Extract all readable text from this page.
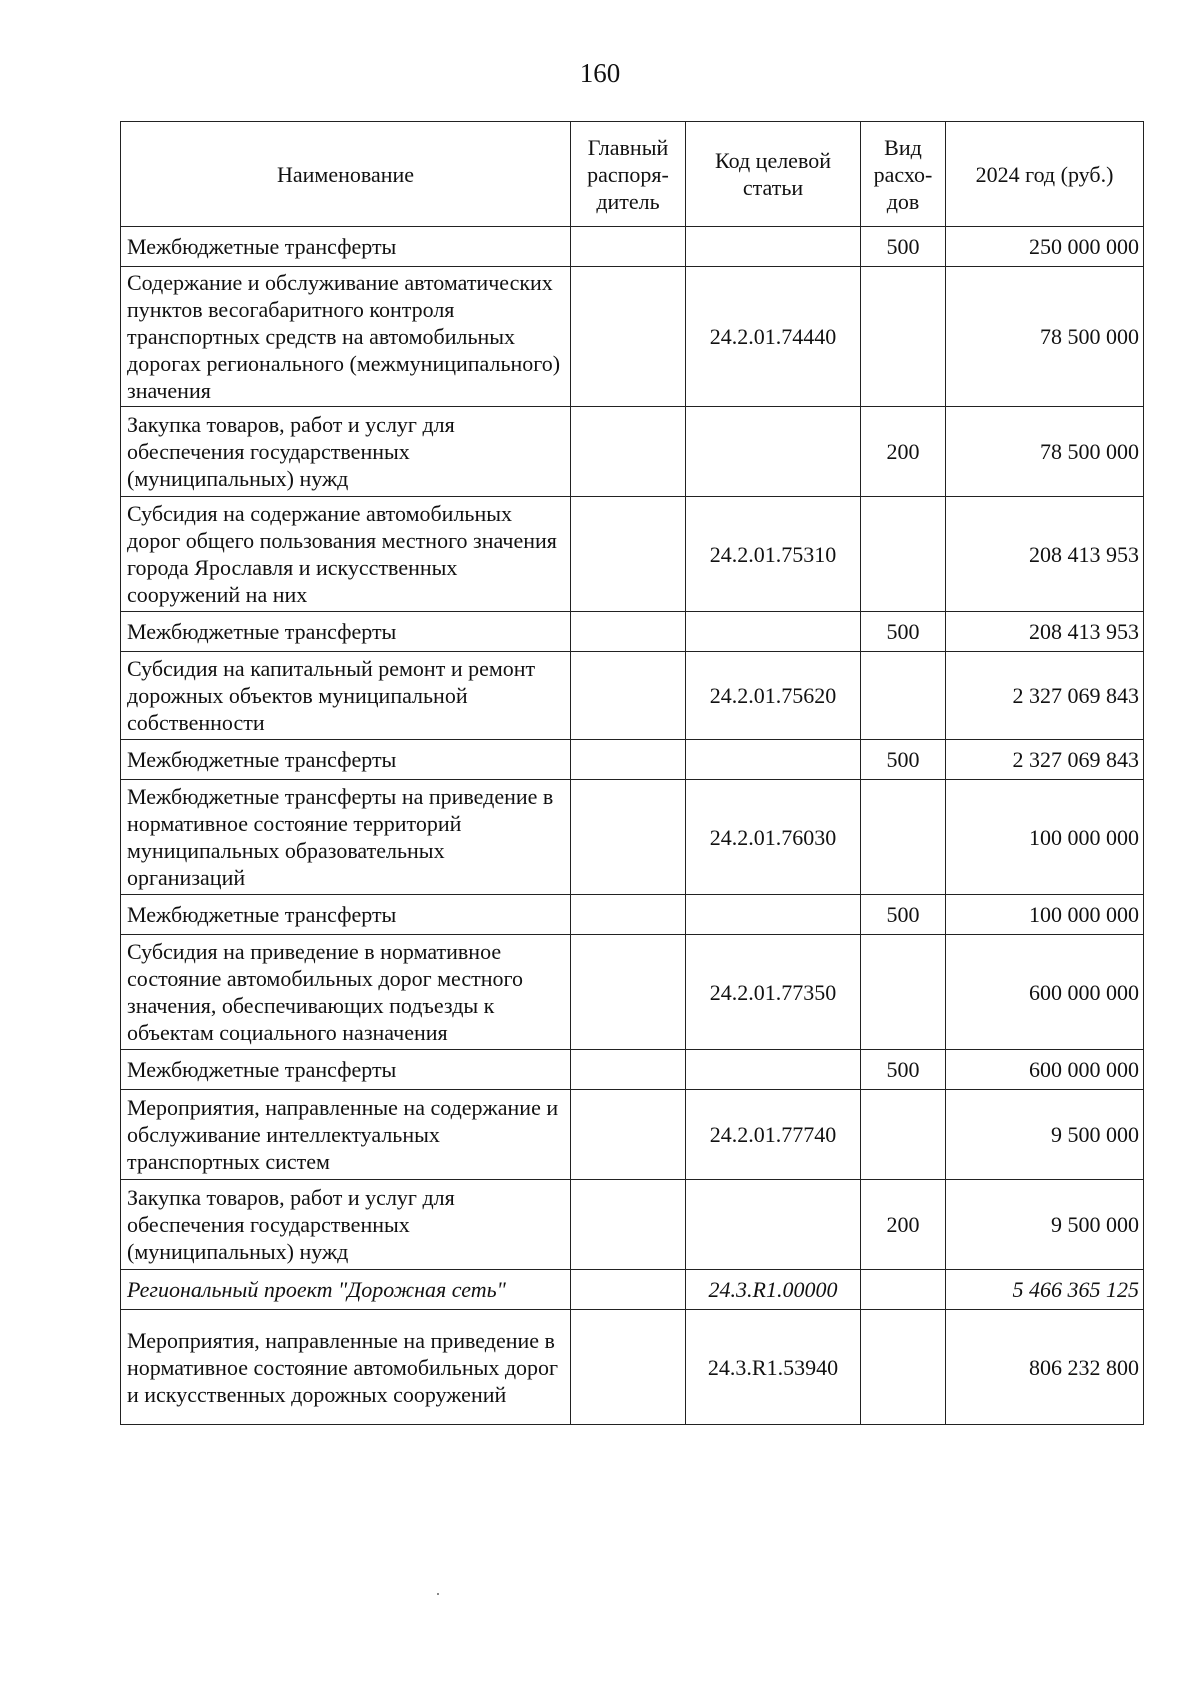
160
Наименование	Главный распоря-дитель	Код целевой статьи	Вид расхо-дов	2024 год (руб.)
Межбюджетные трансферты			500	250 000 000
Содержание и обслуживание автоматических пунктов весогабаритного контроля транспортных средств на автомобильных дорогах регионального (межмуниципального) значения		24.2.01.74440		78 500 000
Закупка товаров, работ и услуг для обеспечения государственных (муниципальных) нужд			200	78 500 000
Субсидия на содержание автомобильных дорог общего пользования местного значения города Ярославля и искусственных сооружений на них		24.2.01.75310		208 413 953
Межбюджетные трансферты			500	208 413 953
Субсидия на капитальный ремонт и ремонт дорожных объектов муниципальной собственности		24.2.01.75620		2 327 069 843
Межбюджетные трансферты			500	2 327 069 843
Межбюджетные трансферты на приведение в нормативное состояние территорий муниципальных образовательных организаций		24.2.01.76030		100 000 000
Межбюджетные трансферты			500	100 000 000
Субсидия на приведение в нормативное состояние автомобильных дорог местного значения, обеспечивающих подъезды к объектам социального назначения		24.2.01.77350		600 000 000
Межбюджетные трансферты			500	600 000 000
Мероприятия, направленные на содержание и обслуживание интеллектуальных транспортных систем		24.2.01.77740		9 500 000
Закупка товаров, работ и услуг для обеспечения государственных (муниципальных) нужд			200	9 500 000
Региональный проект "Дорожная сеть"		24.3.R1.00000		5 466 365 125
Мероприятия, направленные на приведение в нормативное состояние автомобильных дорог и искусственных дорожных сооружений		24.3.R1.53940		806 232 800
